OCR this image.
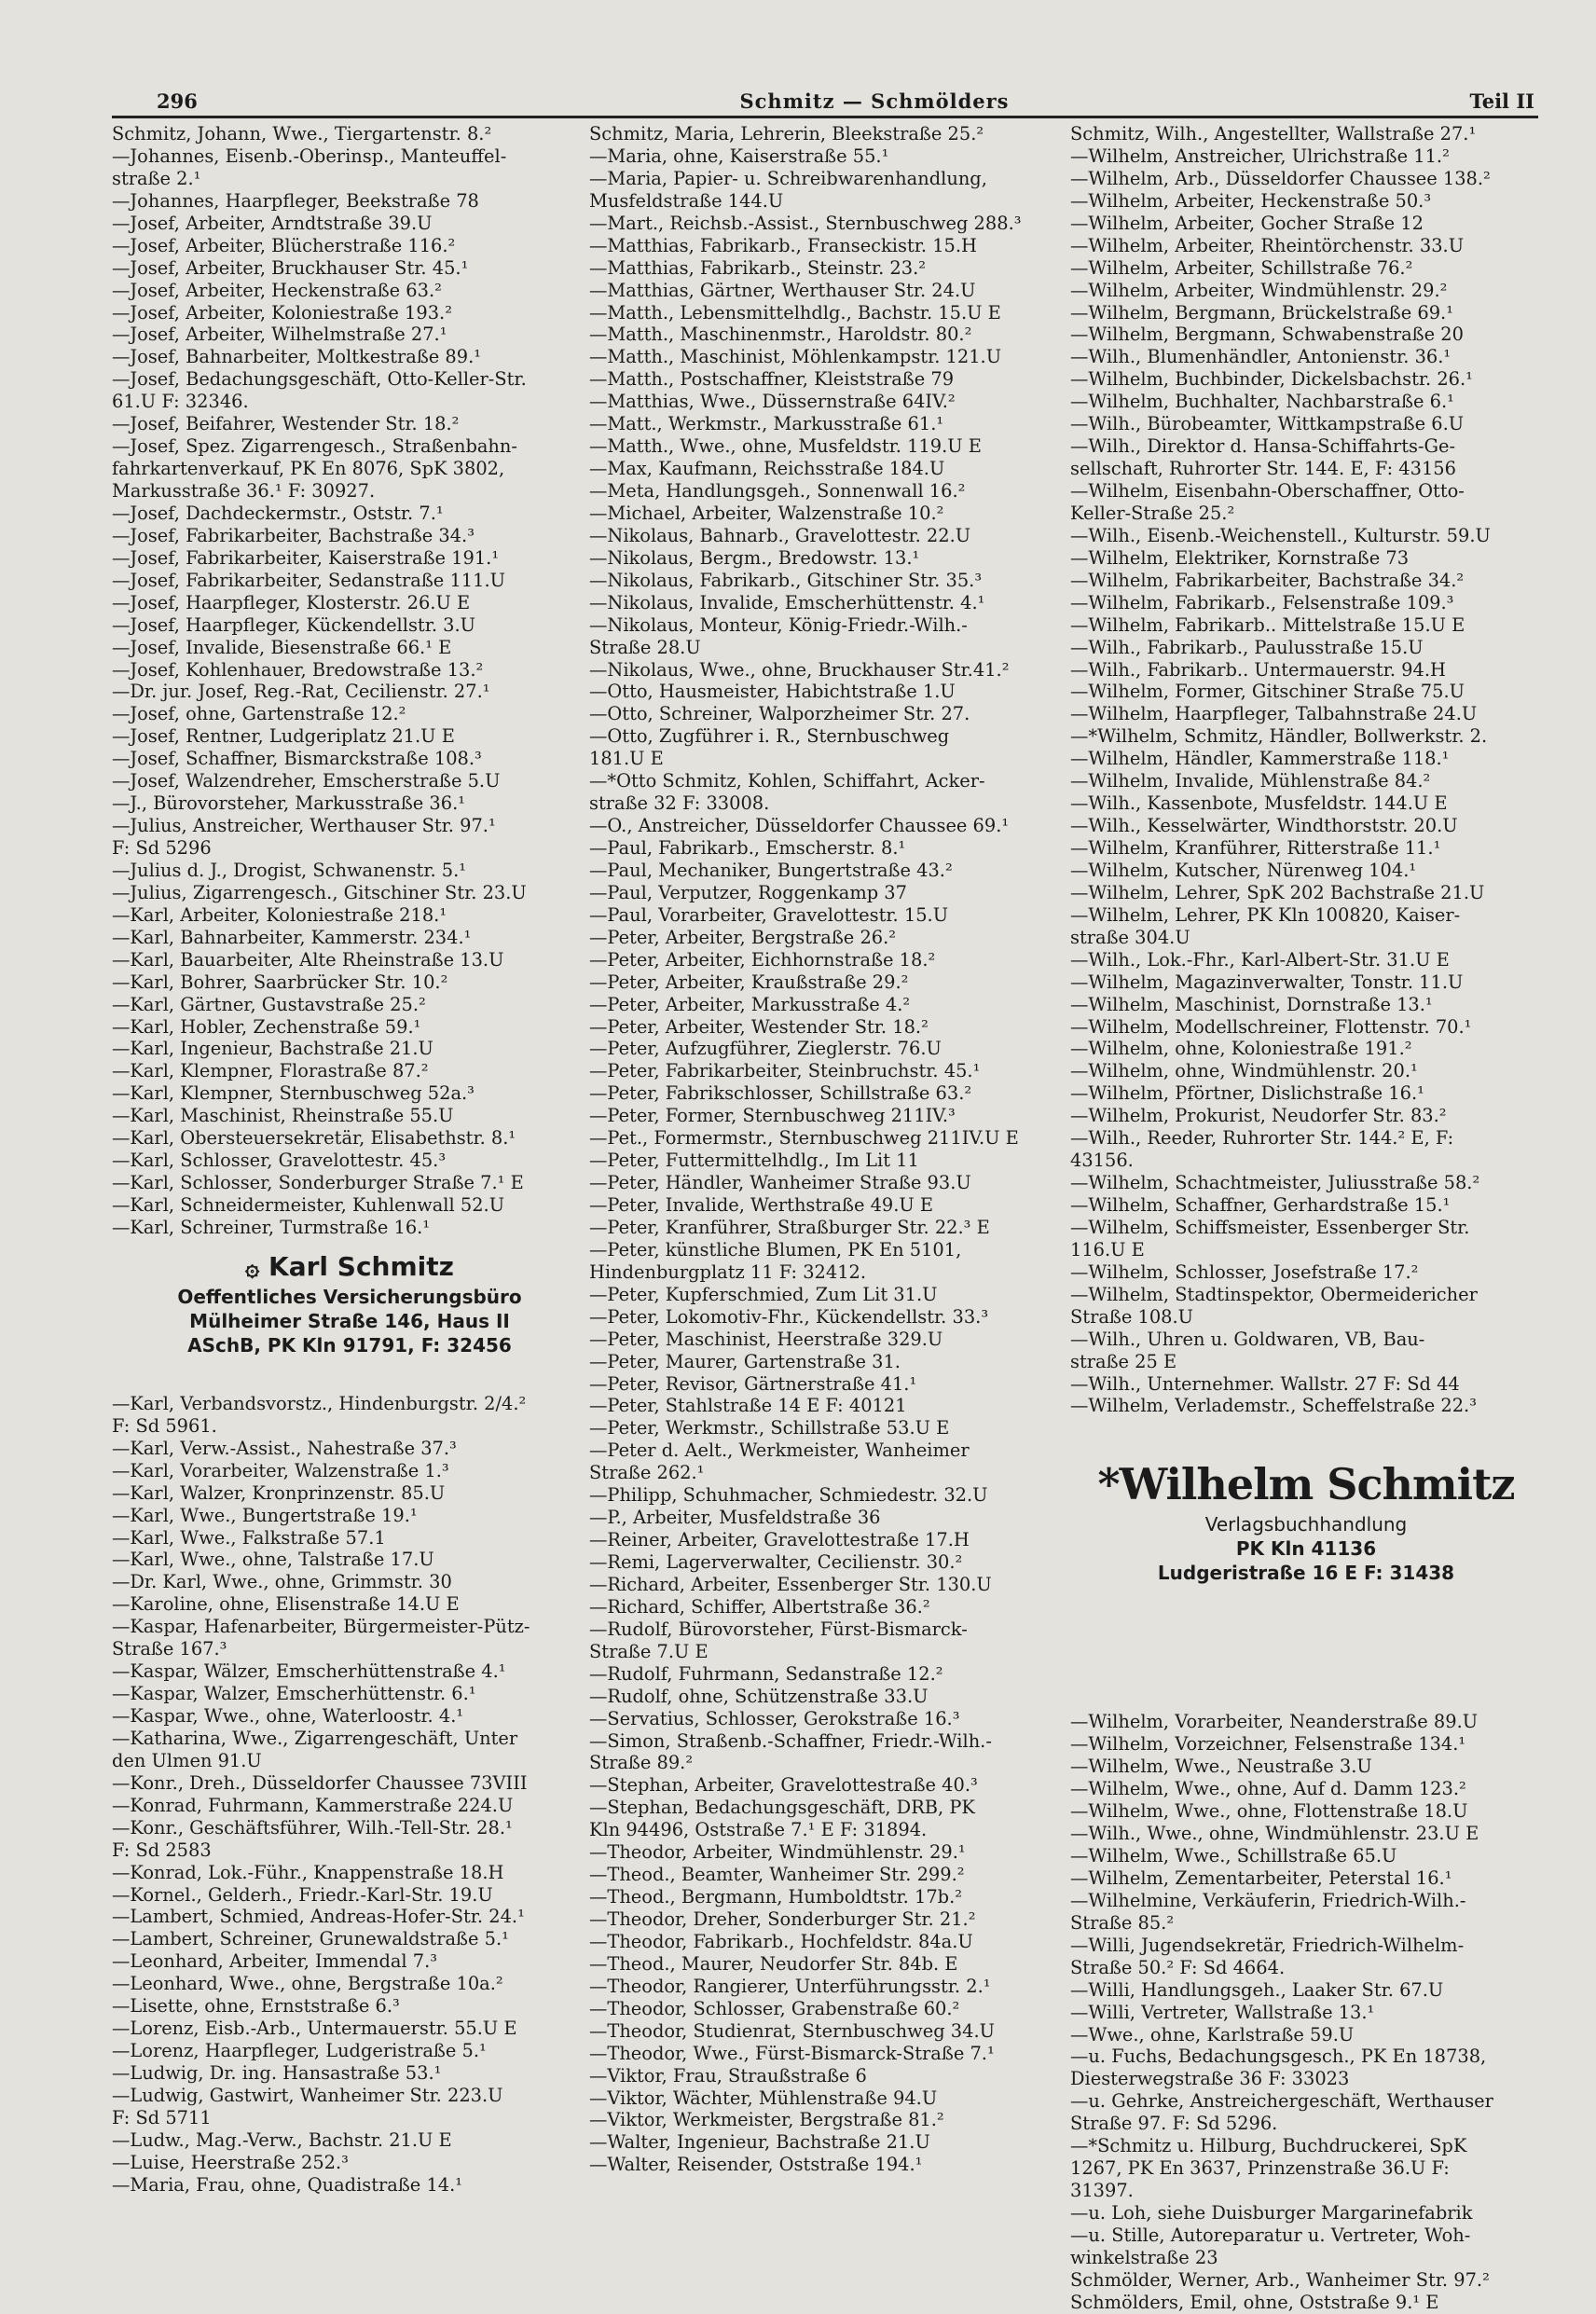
296	Schmitz — Schmölders	Teil II
Schmitz, Johann, Wwe., Tiergartenstr. 8.²
—Johannes, Eisenb.-Oberinsp., Manteuffel-
straße 2.¹
—Johannes, Haarpfleger, Beekstraße 78
—Josef, Arbeiter, Arndtstraße 39.U
—Josef, Arbeiter, Blücherstraße 116.²
—Josef, Arbeiter, Bruckhauser Str. 45.¹
—Josef, Arbeiter, Heckenstraße 63.²
—Josef, Arbeiter, Koloniestraße 193.²
—Josef, Arbeiter, Wilhelmstraße 27.¹
—Josef, Bahnarbeiter, Moltkestraße 89.¹
—Josef, Bedachungsgeschäft, Otto-Keller-Str.
61.U F: 32346.
—Josef, Beifahrer, Westender Str. 18.²
—Josef, Spez. Zigarrengesch., Straßenbahn-
fahrkartenverkauf, PK En 8076, SpK 3802,
Markusstraße 36.¹ F: 30927.
—Josef, Dachdeckermstr., Oststr. 7.¹
—Josef, Fabrikarbeiter, Bachstraße 34.³
—Josef, Fabrikarbeiter, Kaiserstraße 191.¹
—Josef, Fabrikarbeiter, Sedanstraße 111.U
—Josef, Haarpfleger, Klosterstr. 26.U E
—Josef, Haarpfleger, Kückendellstr. 3.U
—Josef, Invalide, Biesenstraße 66.¹ E
—Josef, Kohlenhauer, Bredowstraße 13.²
—Dr. jur. Josef, Reg.-Rat, Cecilienstr. 27.¹
—Josef, ohne, Gartenstraße 12.²
—Josef, Rentner, Ludgeriplatz 21.U E
—Josef, Schaffner, Bismarckstraße 108.³
—Josef, Walzendreher, Emscherstraße 5.U
—J., Bürovorsteher, Markusstraße 36.¹
—Julius, Anstreicher, Werthauser Str. 97.¹
F: Sd 5296
—Julius d. J., Drogist, Schwanenstr. 5.¹
—Julius, Zigarrengesch., Gitschiner Str. 23.U
—Karl, Arbeiter, Koloniestraße 218.¹
—Karl, Bahnarbeiter, Kammerstr. 234.¹
—Karl, Bauarbeiter, Alte Rheinstraße 13.U
—Karl, Bohrer, Saarbrücker Str. 10.²
—Karl, Gärtner, Gustavstraße 25.²
—Karl, Hobler, Zechenstraße 59.¹
—Karl, Ingenieur, Bachstraße 21.U
—Karl, Klempner, Florastraße 87.²
—Karl, Klempner, Sternbuschweg 52a.³
—Karl, Maschinist, Rheinstraße 55.U
—Karl, Obersteuersekretär, Elisabethstr. 8.¹
—Karl, Schlosser, Gravelottestr. 45.³
—Karl, Schlosser, Sonderburger Straße 7.¹ E
—Karl, Schneidermeister, Kuhlenwall 52.U
—Karl, Schreiner, Turmstraße 16.¹
۞ Karl Schmitz
Oeffentliches Versicherungsbüro
Mülheimer Straße 146, Haus II
ASchB, PK Kln 91791, F: 32456
—Karl, Verbandsvorstz., Hindenburgstr. 2/4.²
F: Sd 5961.
—Karl, Verw.-Assist., Nahestraße 37.³
—Karl, Vorarbeiter, Walzenstraße 1.³
—Karl, Walzer, Kronprinzenstr. 85.U
—Karl, Wwe., Bungertstraße 19.¹
—Karl, Wwe., Falkstraße 57.1
—Karl, Wwe., ohne, Talstraße 17.U
—Dr. Karl, Wwe., ohne, Grimmstr. 30
—Karoline, ohne, Elisenstraße 14.U E
—Kaspar, Hafenarbeiter, Bürgermeister-Pütz-
Straße 167.³
—Kaspar, Wälzer, Emscherhüttenstraße 4.¹
—Kaspar, Walzer, Emscherhüttenstr. 6.¹
—Kaspar, Wwe., ohne, Waterloostr. 4.¹
—Katharina, Wwe., Zigarrengeschäft, Unter
den Ulmen 91.U
—Konr., Dreh., Düsseldorfer Chaussee 73VIII
—Konrad, Fuhrmann, Kammerstraße 224.U
—Konr., Geschäftsführer, Wilh.-Tell-Str. 28.¹
F: Sd 2583
—Konrad, Lok.-Führ., Knappenstraße 18.H
—Kornel., Gelderh., Friedr.-Karl-Str. 19.U
—Lambert, Schmied, Andreas-Hofer-Str. 24.¹
—Lambert, Schreiner, Grunewaldstraße 5.¹
—Leonhard, Arbeiter, Immendal 7.³
—Leonhard, Wwe., ohne, Bergstraße 10a.²
—Lisette, ohne, Ernststraße 6.³
—Lorenz, Eisb.-Arb., Untermauerstr. 55.U E
—Lorenz, Haarpfleger, Ludgeristraße 5.¹
—Ludwig, Dr. ing. Hansastraße 53.¹
—Ludwig, Gastwirt, Wanheimer Str. 223.U
F: Sd 5711
—Ludw., Mag.-Verw., Bachstr. 21.U E
—Luise, Heerstraße 252.³
—Maria, Frau, ohne, Quadistraße 14.¹
Schmitz, Maria, Lehrerin, Bleekstraße 25.²
—Maria, ohne, Kaiserstraße 55.¹
—Maria, Papier- u. Schreibwarenhandlung,
Musfeldstraße 144.U
—Mart., Reichsb.-Assist., Sternbuschweg 288.³
—Matthias, Fabrikarb., Franseckistr. 15.H
—Matthias, Fabrikarb., Steinstr. 23.²
—Matthias, Gärtner, Werthauser Str. 24.U
—Matth., Lebensmittelhdlg., Bachstr. 15.U E
—Matth., Maschinenmstr., Haroldstr. 80.²
—Matth., Maschinist, Möhlenkampstr. 121.U
—Matth., Postschaffner, Kleiststraße 79
—Matthias, Wwe., Düssernstraße 64IV.²
—Matt., Werkmstr., Markusstraße 61.¹
—Matth., Wwe., ohne, Musfeldstr. 119.U E
—Max, Kaufmann, Reichsstraße 184.U
—Meta, Handlungsgeh., Sonnenwall 16.²
—Michael, Arbeiter, Walzenstraße 10.²
—Nikolaus, Bahnarb., Gravelottestr. 22.U
—Nikolaus, Bergm., Bredowstr. 13.¹
—Nikolaus, Fabrikarb., Gitschiner Str. 35.³
—Nikolaus, Invalide, Emscherhüttenstr. 4.¹
—Nikolaus, Monteur, König-Friedr.-Wilh.-
Straße 28.U
—Nikolaus, Wwe., ohne, Bruckhauser Str.41.²
—Otto, Hausmeister, Habichtstraße 1.U
—Otto, Schreiner, Walporzheimer Str. 27.
—Otto, Zugführer i. R., Sternbuschweg
181.U E
—*Otto Schmitz, Kohlen, Schiffahrt, Acker-
straße 32 F: 33008.
—O., Anstreicher, Düsseldorfer Chaussee 69.¹
—Paul, Fabrikarb., Emscherstr. 8.¹
—Paul, Mechaniker, Bungertstraße 43.²
—Paul, Verputzer, Roggenkamp 37
—Paul, Vorarbeiter, Gravelottestr. 15.U
—Peter, Arbeiter, Bergstraße 26.²
—Peter, Arbeiter, Eichhornstraße 18.²
—Peter, Arbeiter, Kraußstraße 29.²
—Peter, Arbeiter, Markusstraße 4.²
—Peter, Arbeiter, Westender Str. 18.²
—Peter, Aufzugführer, Zieglerstr. 76.U
—Peter, Fabrikarbeiter, Steinbruchstr. 45.¹
—Peter, Fabrikschlosser, Schillstraße 63.²
—Peter, Former, Sternbuschweg 211IV.³
—Pet., Formermstr., Sternbuschweg 211IV.U E
—Peter, Futtermittelhdlg., Im Lit 11
—Peter, Händler, Wanheimer Straße 93.U
—Peter, Invalide, Werthstraße 49.U E
—Peter, Kranführer, Straßburger Str. 22.³ E
—Peter, künstliche Blumen, PK En 5101,
Hindenburgplatz 11 F: 32412.
—Peter, Kupferschmied, Zum Lit 31.U
—Peter, Lokomotiv-Fhr., Kückendellstr. 33.³
—Peter, Maschinist, Heerstraße 329.U
—Peter, Maurer, Gartenstraße 31.
—Peter, Revisor, Gärtnerstraße 41.¹
—Peter, Stahlstraße 14 E F: 40121
—Peter, Werkmstr., Schillstraße 53.U E
—Peter d. Aelt., Werkmeister, Wanheimer
Straße 262.¹
—Philipp, Schuhmacher, Schmiedestr. 32.U
—P., Arbeiter, Musfeldstraße 36
—Reiner, Arbeiter, Gravelottestraße 17.H
—Remi, Lagerverwalter, Cecilienstr. 30.²
—Richard, Arbeiter, Essenberger Str. 130.U
—Richard, Schiffer, Albertstraße 36.²
—Rudolf, Bürovorsteher, Fürst-Bismarck-
Straße 7.U E
—Rudolf, Fuhrmann, Sedanstraße 12.²
—Rudolf, ohne, Schützenstraße 33.U
—Servatius, Schlosser, Gerokstraße 16.³
—Simon, Straßenb.-Schaffner, Friedr.-Wilh.-
Straße 89.²
—Stephan, Arbeiter, Gravelottestraße 40.³
—Stephan, Bedachungsgeschäft, DRB, PK
Kln 94496, Oststraße 7.¹ E F: 31894.
—Theodor, Arbeiter, Windmühlenstr. 29.¹
—Theod., Beamter, Wanheimer Str. 299.²
—Theod., Bergmann, Humboldtstr. 17b.²
—Theodor, Dreher, Sonderburger Str. 21.²
—Theodor, Fabrikarb., Hochfeldstr. 84a.U
—Theod., Maurer, Neudorfer Str. 84b. E
—Theodor, Rangierer, Unterführungsstr. 2.¹
—Theodor, Schlosser, Grabenstraße 60.²
—Theodor, Studienrat, Sternbuschweg 34.U
—Theodor, Wwe., Fürst-Bismarck-Straße 7.¹
—Viktor, Frau, Straußstraße 6
—Viktor, Wächter, Mühlenstraße 94.U
—Viktor, Werkmeister, Bergstraße 81.²
—Walter, Ingenieur, Bachstraße 21.U
—Walter, Reisender, Oststraße 194.¹
Schmitz, Wilh., Angestellter, Wallstraße 27.¹
—Wilhelm, Anstreicher, Ulrichstraße 11.²
—Wilhelm, Arb., Düsseldorfer Chaussee 138.²
—Wilhelm, Arbeiter, Heckenstraße 50.³
—Wilhelm, Arbeiter, Gocher Straße 12
—Wilhelm, Arbeiter, Rheintörchenstr. 33.U
—Wilhelm, Arbeiter, Schillstraße 76.²
—Wilhelm, Arbeiter, Windmühlenstr. 29.²
—Wilhelm, Bergmann, Brückelstraße 69.¹
—Wilhelm, Bergmann, Schwabenstraße 20
—Wilh., Blumenhändler, Antonienstr. 36.¹
—Wilhelm, Buchbinder, Dickelsbachstr. 26.¹
—Wilhelm, Buchhalter, Nachbarstraße 6.¹
—Wilh., Bürobeamter, Wittkampstraße 6.U
—Wilh., Direktor d. Hansa-Schiffahrts-Ge-
sellschaft, Ruhrorter Str. 144. E, F: 43156
—Wilhelm, Eisenbahn-Oberschaffner, Otto-
Keller-Straße 25.²
—Wilh., Eisenb.-Weichenstell., Kulturstr. 59.U
—Wilhelm, Elektriker, Kornstraße 73
—Wilhelm, Fabrikarbeiter, Bachstraße 34.²
—Wilhelm, Fabrikarb., Felsenstraße 109.³
—Wilhelm, Fabrikarb.. Mittelstraße 15.U E
—Wilh., Fabrikarb., Paulusstraße 15.U
—Wilh., Fabrikarb.. Untermauerstr. 94.H
—Wilhelm, Former, Gitschiner Straße 75.U
—Wilhelm, Haarpfleger, Talbahnstraße 24.U
—*Wilhelm, Schmitz, Händler, Bollwerkstr. 2.
—Wilhelm, Händler, Kammerstraße 118.¹
—Wilhelm, Invalide, Mühlenstraße 84.²
—Wilh., Kassenbote, Musfeldstr. 144.U E
—Wilh., Kesselwärter, Windthorststr. 20.U
—Wilhelm, Kranführer, Ritterstraße 11.¹
—Wilhelm, Kutscher, Nürenweg 104.¹
—Wilhelm, Lehrer, SpK 202 Bachstraße 21.U
—Wilhelm, Lehrer, PK Kln 100820, Kaiser-
straße 304.U
—Wilh., Lok.-Fhr., Karl-Albert-Str. 31.U E
—Wilhelm, Magazinverwalter, Tonstr. 11.U
—Wilhelm, Maschinist, Dornstraße 13.¹
—Wilhelm, Modellschreiner, Flottenstr. 70.¹
—Wilhelm, ohne, Koloniestraße 191.²
—Wilhelm, ohne, Windmühlenstr. 20.¹
—Wilhelm, Pförtner, Dislichstraße 16.¹
—Wilhelm, Prokurist, Neudorfer Str. 83.²
—Wilh., Reeder, Ruhrorter Str. 144.² E, F:
43156.
—Wilhelm, Schachtmeister, Juliusstraße 58.²
—Wilhelm, Schaffner, Gerhardstraße 15.¹
—Wilhelm, Schiffsmeister, Essenberger Str.
116.U E
—Wilhelm, Schlosser, Josefstraße 17.²
—Wilhelm, Stadtinspektor, Obermeidericher
Straße 108.U
—Wilh., Uhren u. Goldwaren, VB, Bau-
straße 25 E
—Wilh., Unternehmer. Wallstr. 27 F: Sd 44
—Wilhelm, Verlademstr., Scheffelstraße 22.³
*Wilhelm Schmitz
Verlagsbuchhandlung
PK Kln 41136
Ludgeristraße 16 E F: 31438
—Wilhelm, Vorarbeiter, Neanderstraße 89.U
—Wilhelm, Vorzeichner, Felsenstraße 134.¹
—Wilhelm, Wwe., Neustraße 3.U
—Wilhelm, Wwe., ohne, Auf d. Damm 123.²
—Wilhelm, Wwe., ohne, Flottenstraße 18.U
—Wilh., Wwe., ohne, Windmühlenstr. 23.U E
—Wilhelm, Wwe., Schillstraße 65.U
—Wilhelm, Zementarbeiter, Peterstal 16.¹
—Wilhelmine, Verkäuferin, Friedrich-Wilh.-
Straße 85.²
—Willi, Jugendsekretär, Friedrich-Wilhelm-
Straße 50.² F: Sd 4664.
—Willi, Handlungsgeh., Laaker Str. 67.U
—Willi, Vertreter, Wallstraße 13.¹
—Wwe., ohne, Karlstraße 59.U
—u. Fuchs, Bedachungsgesch., PK En 18738,
Diesterwegstraße 36 F: 33023
—u. Gehrke, Anstreichergeschäft, Werthauser
Straße 97. F: Sd 5296.
—*Schmitz u. Hilburg, Buchdruckerei, SpK
1267, PK En 3637, Prinzenstraße 36.U F:
31397.
—u. Loh, siehe Duisburger Margarinefabrik
—u. Stille, Autoreparatur u. Vertreter, Woh-
winkelstraße 23
Schmölder, Werner, Arb., Wanheimer Str. 97.²
Schmölders, Emil, ohne, Oststraße 9.¹ E
